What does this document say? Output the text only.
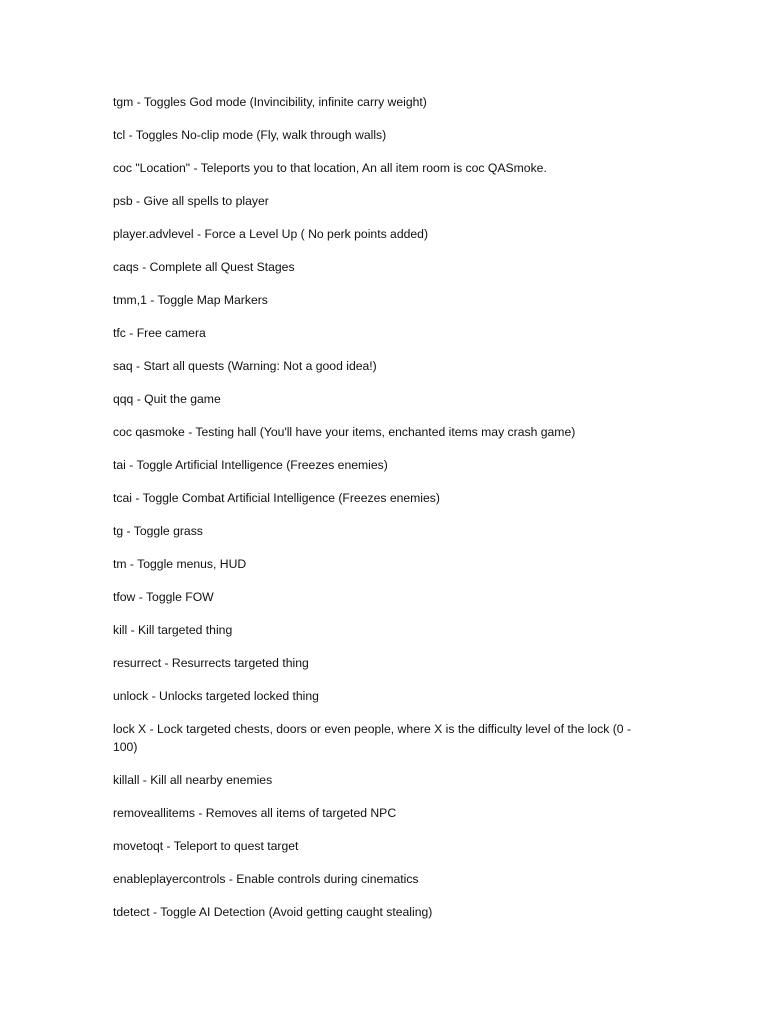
tgm - Toggles God mode (Invincibility, infinite carry weight)
tcl - Toggles No-clip mode (Fly, walk through walls)
coc "Location" - Teleports you to that location, An all item room is coc QASmoke.
psb - Give all spells to player
player.advlevel - Force a Level Up ( No perk points added)
caqs - Complete all Quest Stages
tmm,1 - Toggle Map Markers
tfc - Free camera
saq - Start all quests (Warning: Not a good idea!)
qqq - Quit the game
coc qasmoke - Testing hall (You'll have your items, enchanted items may crash game)
tai - Toggle Artificial Intelligence (Freezes enemies)
tcai - Toggle Combat Artificial Intelligence (Freezes enemies)
tg - Toggle grass
tm - Toggle menus, HUD
tfow - Toggle FOW
kill - Kill targeted thing
resurrect - Resurrects targeted thing
unlock - Unlocks targeted locked thing
lock X - Lock targeted chests, doors or even people, where X is the difficulty level of the lock (0 - 100)
killall - Kill all nearby enemies
removeallitems - Removes all items of targeted NPC
movetoqt - Teleport to quest target
enableplayercontrols - Enable controls during cinematics
tdetect - Toggle AI Detection (Avoid getting caught stealing)
